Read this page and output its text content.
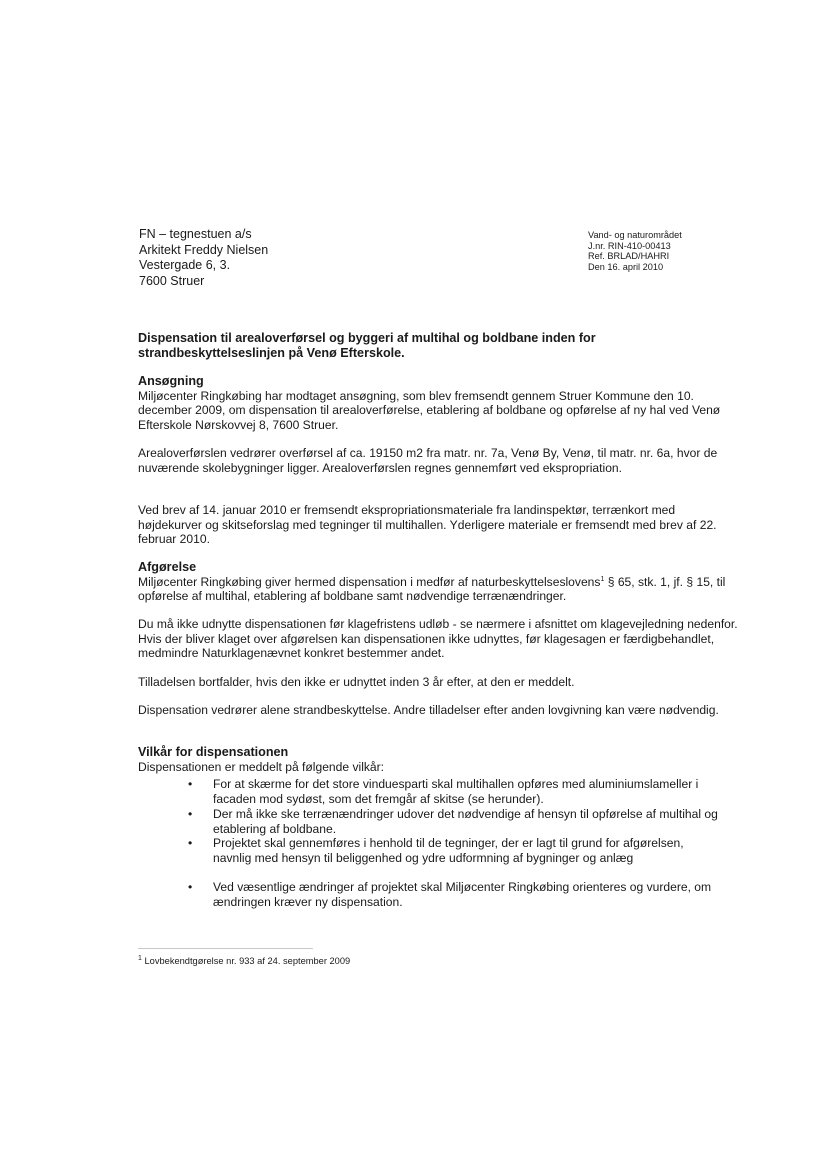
FN – tegnestuen a/s
Arkitekt Freddy Nielsen
Vestergade 6, 3.
7600 Struer
Vand- og naturområdet
J.nr. RIN-410-00413
Ref. BRLAD/HAHRI
Den 16. april 2010
Dispensation til arealoverførsel og byggeri af multihal og boldbane inden for strandbeskyttelseslinjen på Venø Efterskole.
Ansøgning

Miljøcenter Ringkøbing har modtaget ansøgning, som blev fremsendt gennem Struer Kommune den 10. december 2009, om dispensation til arealoverførelse, etablering af boldbane og opførelse af ny hal ved Venø Efterskole Nørskovvej 8, 7600 Struer.

Arealoverførslen vedrører overførsel af ca. 19150 m2 fra matr. nr. 7a, Venø By, Venø, til matr. nr. 6a, hvor de nuværende skolebygninger ligger. Arealoverførslen regnes gennemført ved ekspropriation.
Ved brev af 14. januar 2010 er fremsendt ekspropriationsmateriale fra landinspektør, terrænkort med højdekurver og skitseforslag med tegninger til multihallen. Yderligere materiale er fremsendt med brev af 22. februar 2010.
Afgørelse

Miljøcenter Ringkøbing giver hermed dispensation i medfør af naturbeskyttelseslovens$^1$ § 65, stk. 1, jf. § 15, til opførelse af multihal, etablering af boldbane samt nødvendige terrænændringer.

Du må ikke udnytte dispensationen før klagefristens udløb - se nærmere i afsnittet om klagevejledning nedenfor. Hvis der bliver klaget over afgørelsen kan dispensationen ikke udnyttes, før klagesagen er færdigbehandlet, medmindre Naturklagenævnet konkret bestemmer andet.
Tilladelsen bortfalder, hvis den ikke er udnyttet inden 3 år efter, at den er meddelt.
Dispensation vedrører alene strandbeskyttelse. Andre tilladelser efter anden lovgivning kan være nødvendig.
Vilkår for dispensationen

Dispensationen er meddelt på følgende vilkår:

• For at skærme for det store vinduesparti skal multihallen opføres med aluminiumslameller i facaden mod sydøst, som det fremgår af skitse (se herunder).
• Der må ikke ske terrænændringer udover det nødvendige af hensyn til opførelse af multihal og etablering af boldbane.
• Projektet skal gennemføres i henhold til de tegninger, der er lagt til grund for afgørelsen, navnlig med hensyn til beliggenhed og ydre udformning af bygninger og anlæg
• Ved væsentlige ændringer af projektet skal Miljøcenter Ringkøbing orienteres og vurdere, om ændringen kræver ny dispensation.
$^1$ Lovbekendtgørelse nr. 933 af 24. september 2009
